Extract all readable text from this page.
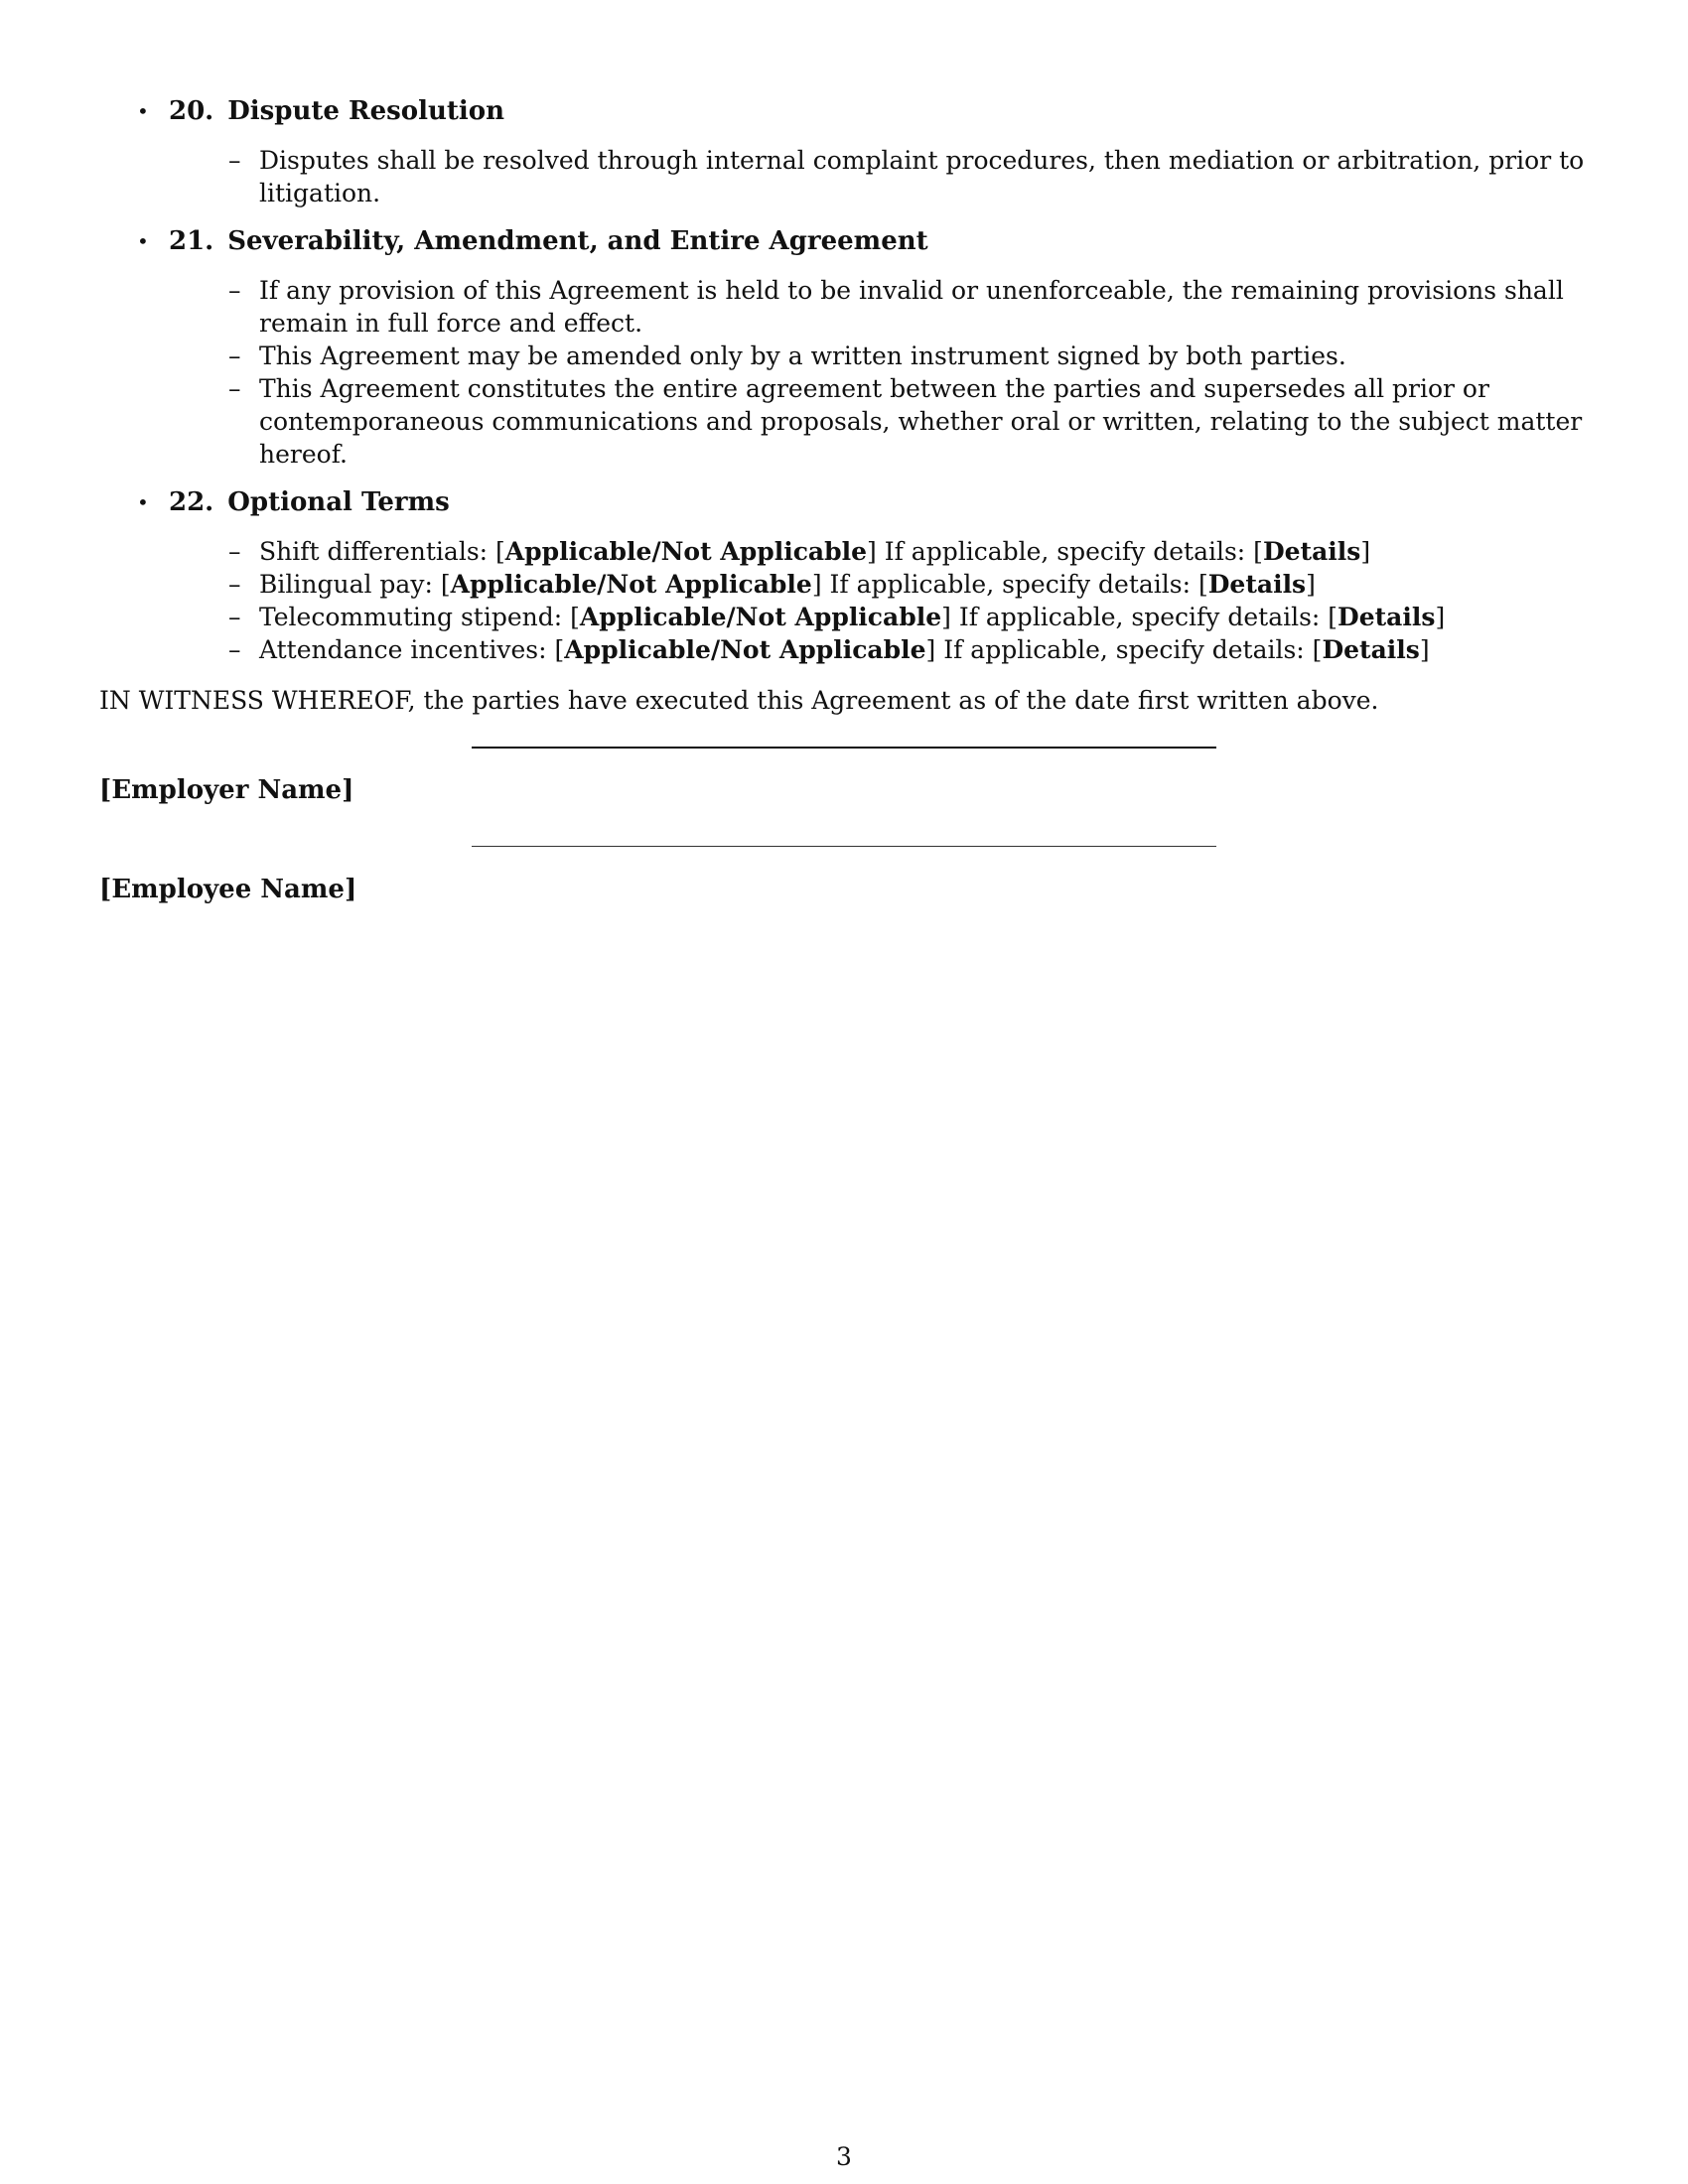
• 20. Dispute Resolution
– Disputes shall be resolved through internal complaint procedures, then mediation or arbitration, prior to litigation.
• 21. Severability, Amendment, and Entire Agreement
– If any provision of this Agreement is held to be invalid or unenforceable, the remaining provisions shall remain in full force and effect.
– This Agreement may be amended only by a written instrument signed by both parties.
– This Agreement constitutes the entire agreement between the parties and supersedes all prior or contemporaneous communications and proposals, whether oral or written, relating to the subject matter hereof.
• 22. Optional Terms
– Shift differentials: [Applicable/Not Applicable] If applicable, specify details: [Details]
– Bilingual pay: [Applicable/Not Applicable] If applicable, specify details: [Details]
– Telecommuting stipend: [Applicable/Not Applicable] If applicable, specify details: [Details]
– Attendance incentives: [Applicable/Not Applicable] If applicable, specify details: [Details]
IN WITNESS WHEREOF, the parties have executed this Agreement as of the date first written above.
[Employer Name]
[Employee Name]
3
